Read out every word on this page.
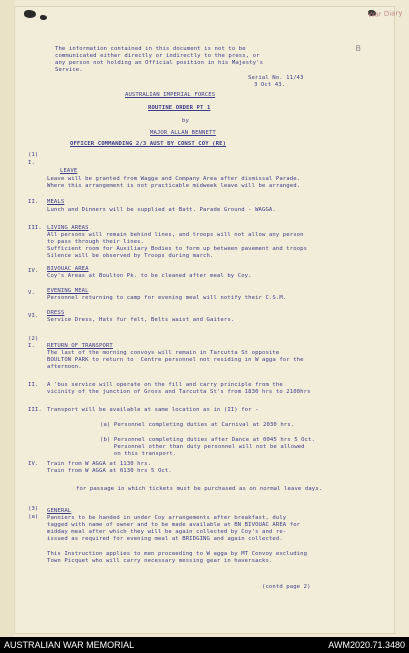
War Diary
B
The information contained in this document is not to be
communicated either directly or indirectly to the press, or
any person not holding an Official position in his Majesty's
Service.
Serial No. 11/43
3 Oct 43.
AUSTRALIAN IMPERIAL FORCES
ROUTINE ORDER PT 1
by
MAJOR ALLAN BENNETT
OFFICER COMMANDING 2/3 AUST BY CONST COY (RE)
(1)
I.
LEAVE
Leave will be granted from Wagga and Company Area after dismissal Parade.
Where this arrangement is not practicable midweek leave will be arranged.
II. MEALS
Lunch and Dinners will be supplied at Batt. Parade Ground - WAGGA.
III. LIVING AREAS
All persons will remain behind lines, and troops will not allow any person
to pass through their lines.
Sufficient room for Auxiliary Bodies to form up between pavement and troops
Silence will be observed by Troops during march.
IV. BIVOUAC AREA
Coy's Areas at Boulton Pk. to be cleaned after meal by Coy.
V. EVENING MEAL
Personnel returning to camp for evening meal will notify their C.S.M.
VI. DRESS
Service Dress, Hats fur felt, Belts waist and Gaiters.
(2)
I. RETURN OF TRANSPORT
The last of the morning convoys will remain in Tarcutta St opposite
BOULTON PARK to return to  Centre personnel not residing in W agga for the
afternoon.
II. A 'bus service will operate on the fill and carry principle from the
vicinity of the junction of Gross and Tarcutta St's from 1830 hrs to 2100hrs
III. Transport will be available at same location as in (II) for -
(a) Personnel completing duties at Carnival at 2030 hrs.
(b) Personnel completing duties after Dance at 0045 hrs 5 Oct.
Personnel other than duty personnel will not be allowed
on this transport.
IV. Train from W AGGA at 1130 hrs.
Train from W AGGA at 0130 hrs 5 Oct.
for passage in which tickets must be purchased as on normal leave days.
(3) GENERAL
(a) Panniers to be handed in under Coy arrangements after breakfast, duly
tagged with name of owner and to be made available at BN BIVOUAC AREA for
midday meal after which they will be again collected by Coy's and re-
issued as required for evening meal at BRIDGING and again collected.
This Instruction applies to men proceeding to W agga by MT Convoy excluding
Town Picquet who will carry necessary messing gear in haversacks.
(contd page 2)
AUSTRALIAN WAR MEMORIAL	AWM2020.71.3480
